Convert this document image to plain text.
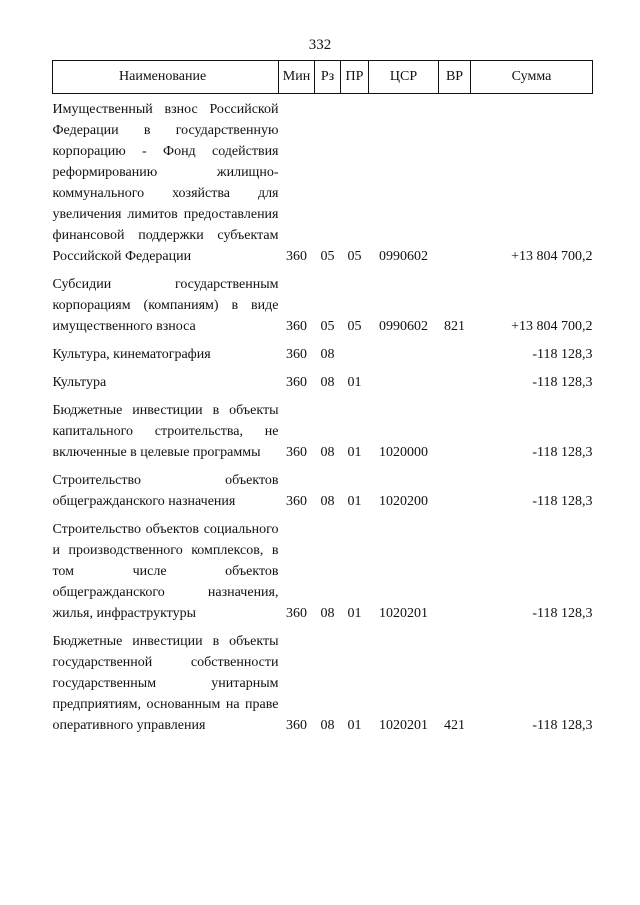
332
Наименование	Мин	Рз	ПР	ЦСР	ВР	Сумма

Имущественный взнос Российской Федерации в государственную корпорацию - Фонд содействия реформированию жилищно-коммунального хозяйства для увеличения лимитов предоставления финансовой поддержки субъектам Российской Федерации	360	05	05	0990602		+13 804 700,2

Субсидии государственным корпорациям (компаниям) в виде имущественного взноса	360	05	05	0990602	821	+13 804 700,2

Культура, кинематография	360	08				-118 128,3

Культура	360	08	01			-118 128,3

Бюджетные инвестиции в объекты капитального строительства, не включенные в целевые программы	360	08	01	1020000		-118 128,3

Строительство объектов общегражданского назначения	360	08	01	1020200		-118 128,3

Строительство объектов социального и производственного комплексов, в том числе объектов общегражданского назначения, жилья, инфраструктуры	360	08	01	1020201		-118 128,3

Бюджетные инвестиции в объекты государственной собственности государственным унитарным предприятиям, основанным на праве оперативного управления	360	08	01	1020201	421	-118 128,3
